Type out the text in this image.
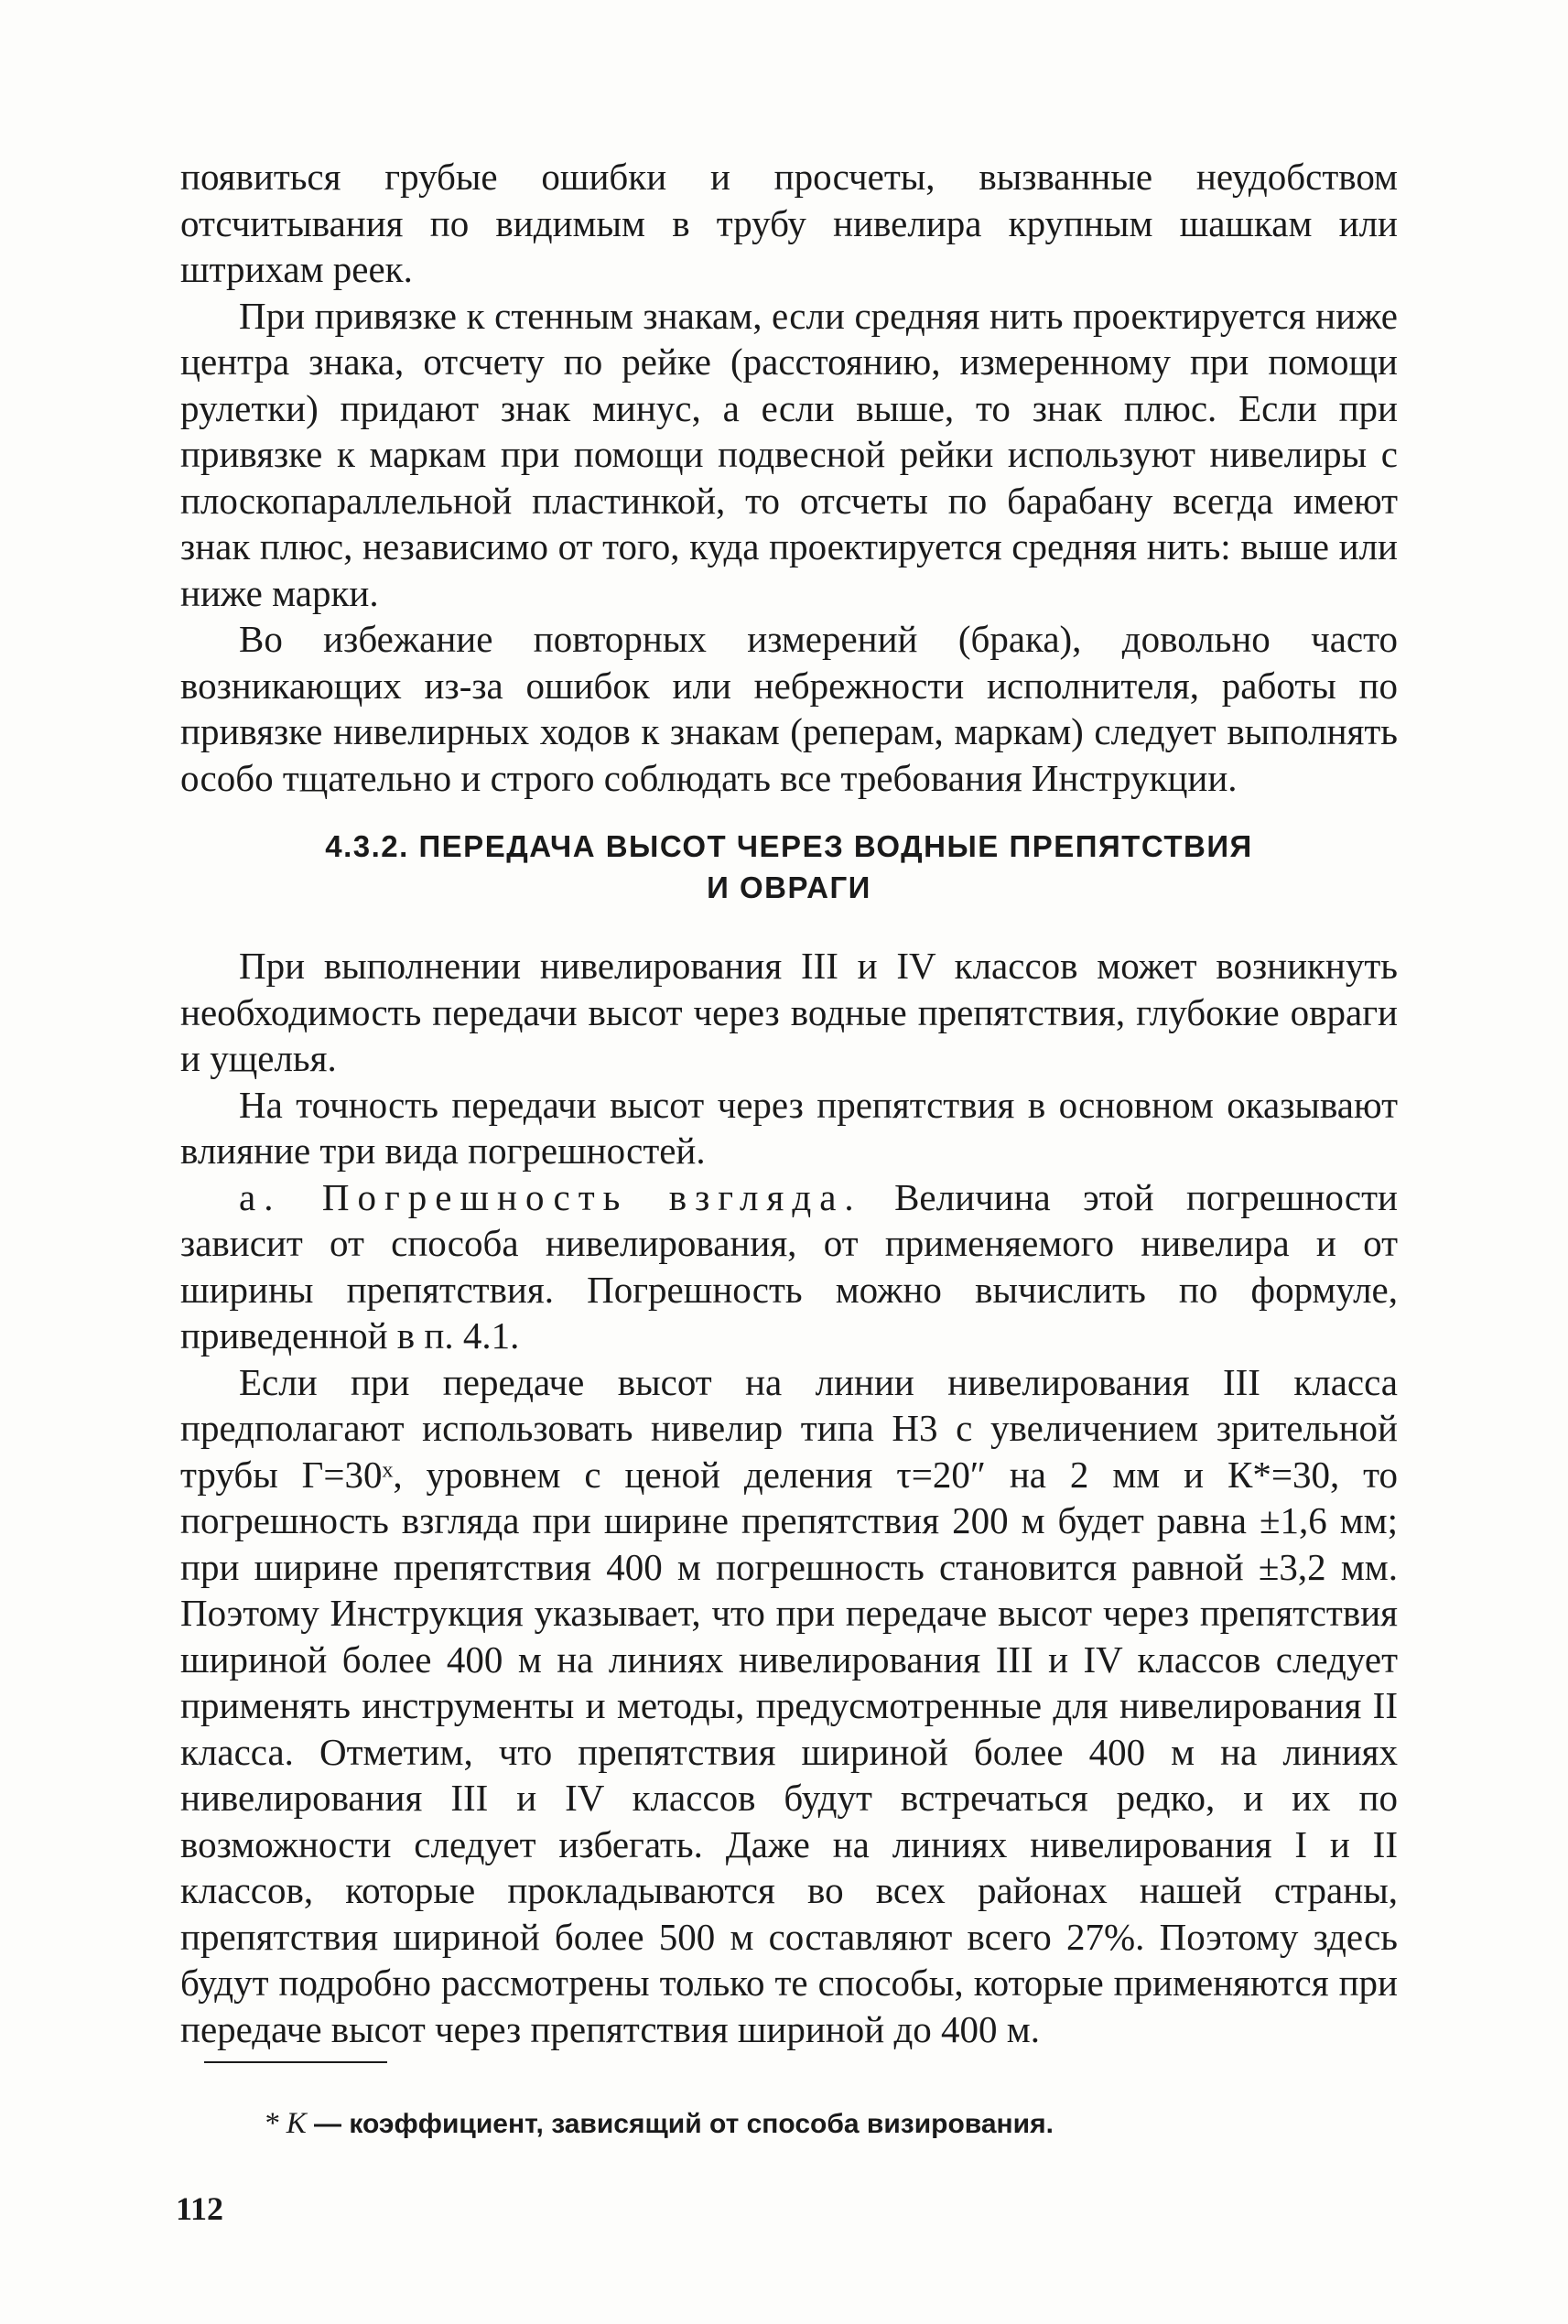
появиться грубые ошибки и просчеты, вызванные неудобством отсчитывания по видимым в трубу нивелира крупным шашкам или штрихам реек.

При привязке к стенным знакам, если средняя нить проектируется ниже центра знака, отсчету по рейке (расстоянию, измеренному при помощи рулетки) придают знак минус, а если выше, то знак плюс. Если при привязке к маркам при помощи подвесной рейки используют нивелиры с плоскопараллельной пластинкой, то отсчеты по барабану всегда имеют знак плюс, независимо от того, куда проектируется средняя нить: выше или ниже марки.

Во избежание повторных измерений (брака), довольно часто возникающих из-за ошибок или небрежности исполнителя, работы по привязке нивелирных ходов к знакам (реперам, маркам) следует выполнять особо тщательно и строго соблюдать все требования Инструкции.

4.3.2. ПЕРЕДАЧА ВЫСОТ ЧЕРЕЗ ВОДНЫЕ ПРЕПЯТСТВИЯ
И ОВРАГИ

При выполнении нивелирования III и IV классов может возникнуть необходимость передачи высот через водные препятствия, глубокие овраги и ущелья.

На точность передачи высот через препятствия в основном оказывают влияние три вида погрешностей.

а. Погрешность взгляда. Величина этой погрешности зависит от способа нивелирования, от применяемого нивелира и от ширины препятствия. Погрешность можно вычислить по формуле, приведенной в п. 4.1.

Если при передаче высот на линии нивелирования III класса предполагают использовать нивелир типа Н3 с увеличением зрительной трубы Г=30ˣ, уровнем с ценой деления τ=20″ на 2 мм и К*=30, то погрешность взгляда при ширине препятствия 200 м будет равна ±1,6 мм; при ширине препятствия 400 м погрешность становится равной ±3,2 мм. Поэтому Инструкция указывает, что при передаче высот через препятствия шириной более 400 м на линиях нивелирования III и IV классов следует применять инструменты и методы, предусмотренные для нивелирования II класса. Отметим, что препятствия шириной более 400 м на линиях нивелирования III и IV классов будут встречаться редко, и их по возможности следует избегать. Даже на линиях нивелирования I и II классов, которые прокладываются во всех районах нашей страны, препятствия шириной более 500 м составляют всего 27%. Поэтому здесь будут подробно рассмотрены только те способы, которые применяются при передаче высот через препятствия шириной до 400 м.

* К — коэффициент, зависящий от способа визирования.
112
